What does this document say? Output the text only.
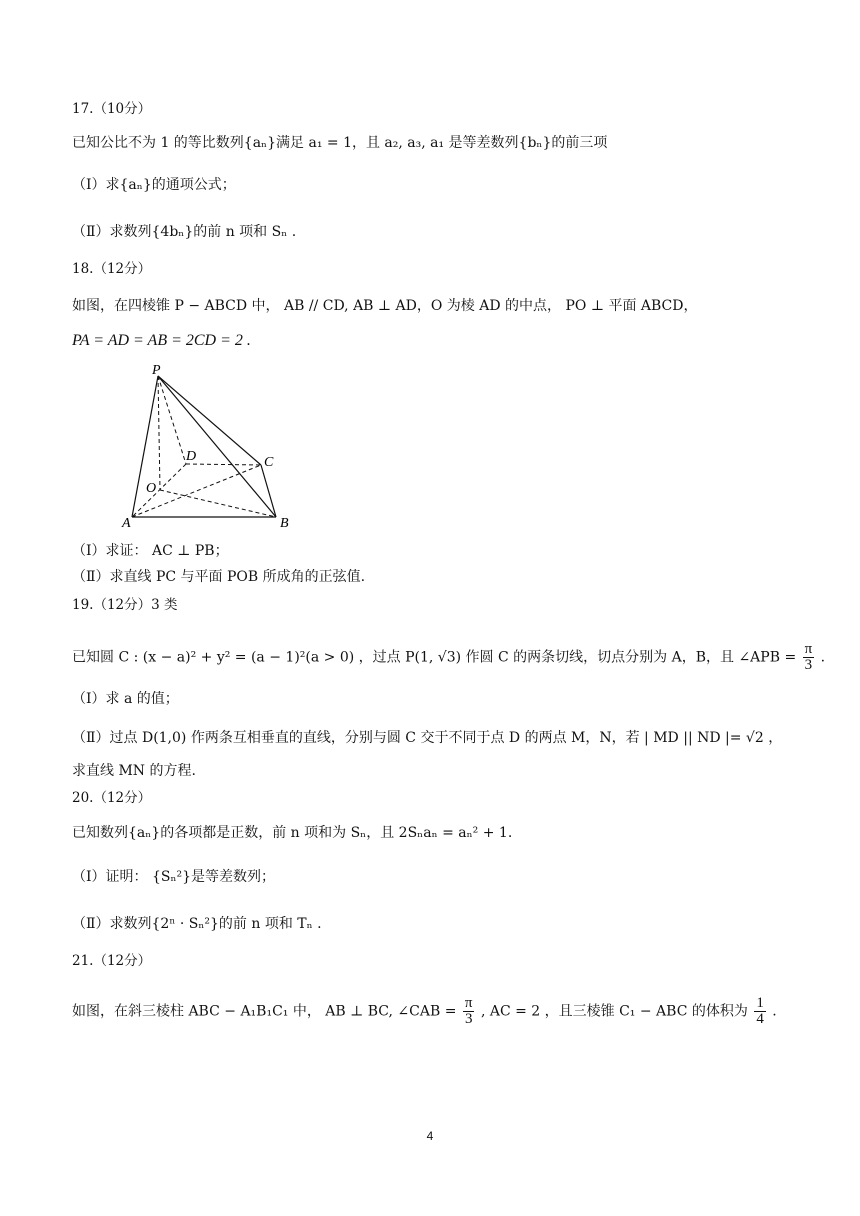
17.（10分）
已知公比不为 1 的等比数列{aₙ}满足 a₁ = 1，且 a₂, a₃, a₁ 是等差数列{bₙ}的前三项
（I）求{aₙ}的通项公式；
（Ⅱ）求数列{4bₙ}的前 n 项和 Sₙ .
18.（12分）
如图，在四棱锥 P − ABCD 中， AB // CD, AB ⊥ AD，O 为棱 AD 的中点， PO ⊥ 平面 ABCD，
PA = AD = AB = 2CD = 2 .
P
D	C
O
A	B
（I）求证： AC ⊥ PB；
（Ⅱ）求直线 PC 与平面 POB 所成角的正弦值.
19.（12分）3 类
已知圆 C : (x − a)² + y² = (a − 1)²(a > 0) ，过点 P(1, √3) 作圆 C 的两条切线，切点分别为 A，B，且 ∠APB = $\frac{\pi}{3}$ .
（I）求 a 的值；
（Ⅱ）过点 D(1,0) 作两条互相垂直的直线，分别与圆 C 交于不同于点 D 的两点 M，N，若 | MD || ND |= √2 ，
求直线 MN 的方程.
20.（12分）
已知数列{aₙ}的各项都是正数，前 n 项和为 Sₙ，且 2Sₙaₙ = aₙ² + 1.
（I）证明： {Sₙ²}是等差数列；
（Ⅱ）求数列{2ⁿ · Sₙ²}的前 n 项和 Tₙ .
21.（12分）
如图，在斜三棱柱 ABC − A₁B₁C₁ 中， AB ⊥ BC, ∠CAB = $\frac{\pi}{3}$ , AC = 2 ，且三棱锥 C₁ − ABC 的体积为 $\frac{1}{4}$ .
4
